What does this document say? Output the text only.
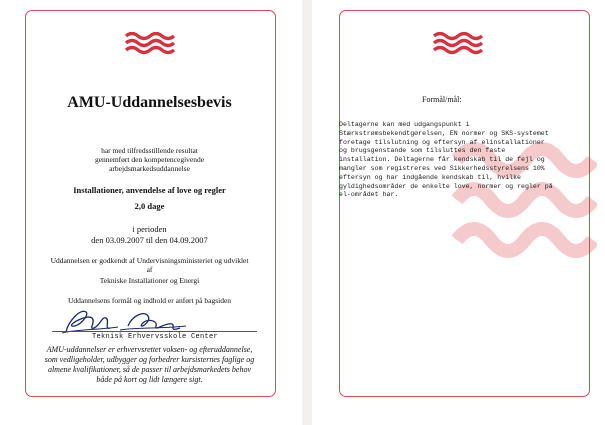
AMU-Uddannelsesbevis
har med tilfredsstillende resultat
gennemført den kompetencegivende
arbejdsmarkedsuddannelse
Installationer, anvendelse af love og regler
2,0 dage
i perioden
den 03.09.2007 til den 04.09.2007
Uddannelsen er godkendt af Undervisningsministeriet og udviklet
af
Tekniske Installationer og Energi
Uddannelsens formål og indhold er anført på bagsiden
Teknisk Erhvervsskole Center
AMU-uddannelser er erhvervsrettet voksen- og efteruddannelse,
som vedligeholder, udbygger og forbedrer kursisternes faglige og
almene kvalifikationer, så de passer til arbejdsmarkedets behov
både på kort og lidt længere sigt.
Formål/mål:
Deltagerne kan med udgangspunkt i
Stærkstrømsbekendtgørelsen, EN normer og SKS-systemet
foretage tilslutning og eftersyn af elinstallationer
og brugsgenstande som tilsluttes den faste
installation. Deltagerne får kendskab til de fejl og
mangler som registreres ved Sikkerhedsstyrelsens 10%
eftersyn og har indgående kendskab til, hvilke
gyldighedsområder de enkelte love, normer og regler på
el-området har.
